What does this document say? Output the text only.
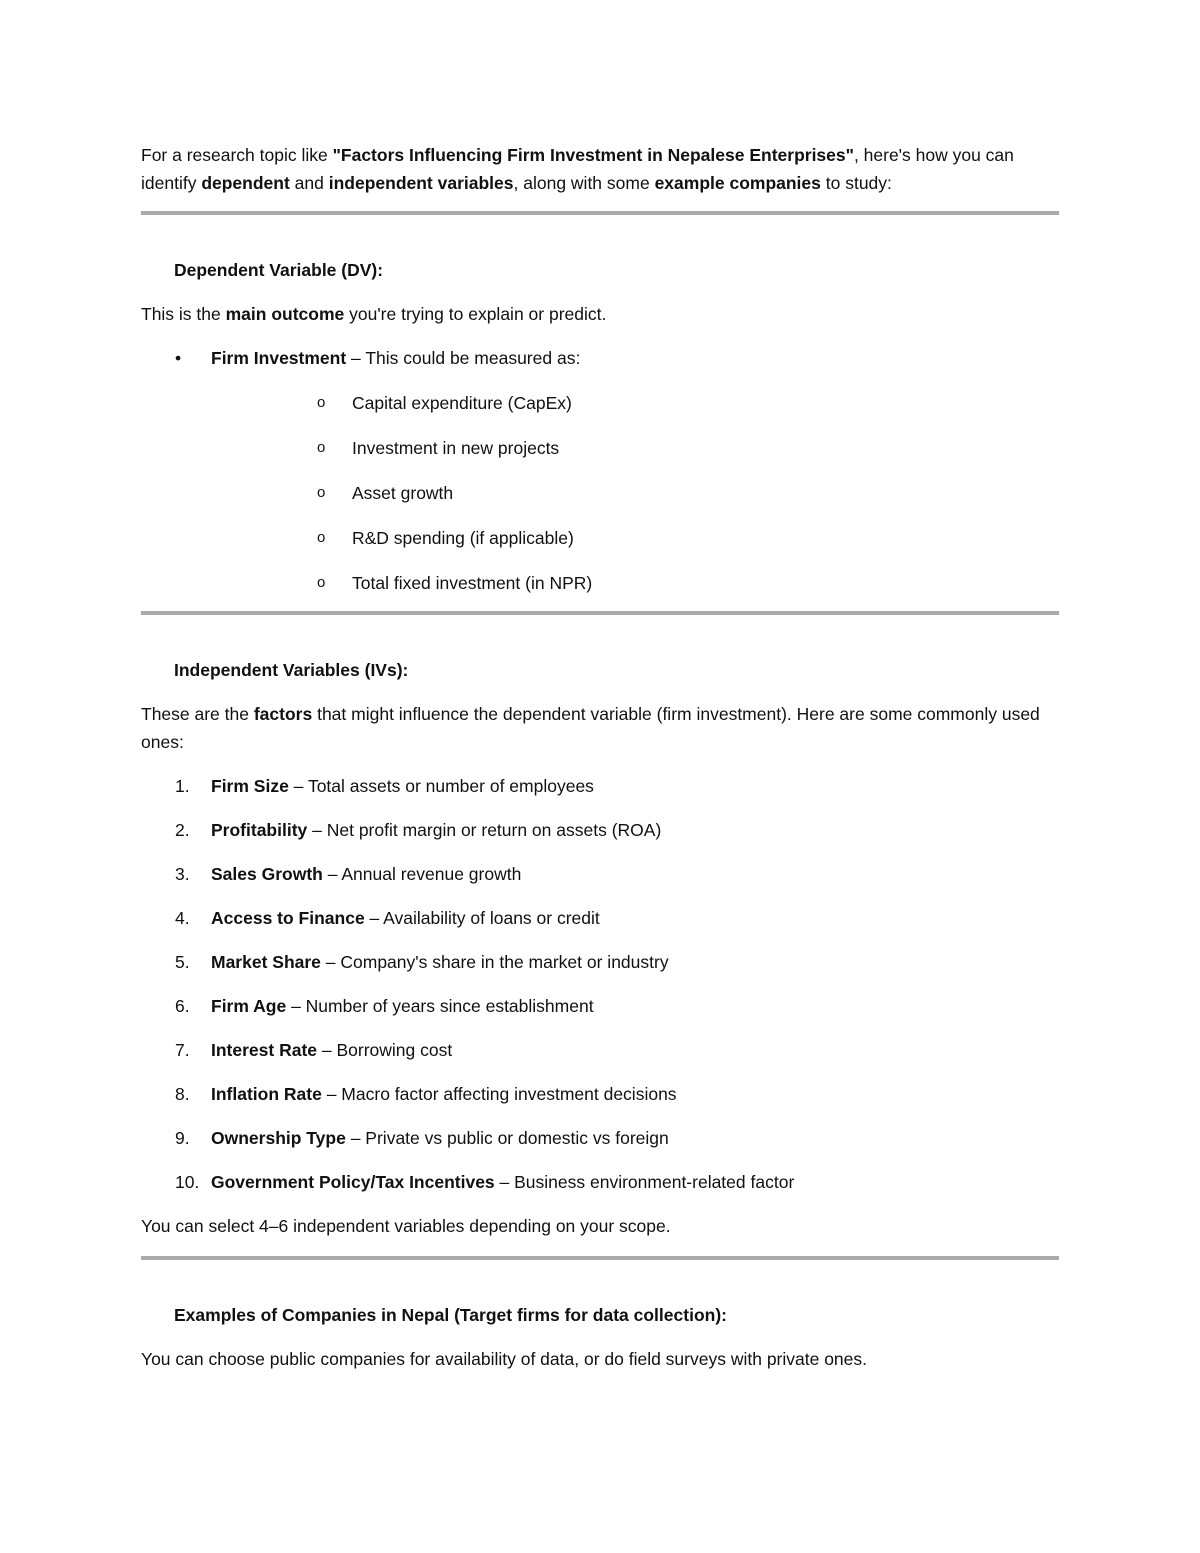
For a research topic like "Factors Influencing Firm Investment in Nepalese Enterprises", here's how you can identify dependent and independent variables, along with some example companies to study:

Dependent Variable (DV):

This is the main outcome you're trying to explain or predict.

• Firm Investment – This could be measured as:
o Capital expenditure (CapEx)
o Investment in new projects
o Asset growth
o R&D spending (if applicable)
o Total fixed investment (in NPR)
Independent Variables (IVs):

These are the factors that might influence the dependent variable (firm investment). Here are some commonly used ones:

1. Firm Size – Total assets or number of employees
2. Profitability – Net profit margin or return on assets (ROA)
3. Sales Growth – Annual revenue growth
4. Access to Finance – Availability of loans or credit
5. Market Share – Company's share in the market or industry
6. Firm Age – Number of years since establishment
7. Interest Rate – Borrowing cost
8. Inflation Rate – Macro factor affecting investment decisions
9. Ownership Type – Private vs public or domestic vs foreign
10. Government Policy/Tax Incentives – Business environment-related factor

You can select 4–6 independent variables depending on your scope.

Examples of Companies in Nepal (Target firms for data collection):

You can choose public companies for availability of data, or do field surveys with private ones.
